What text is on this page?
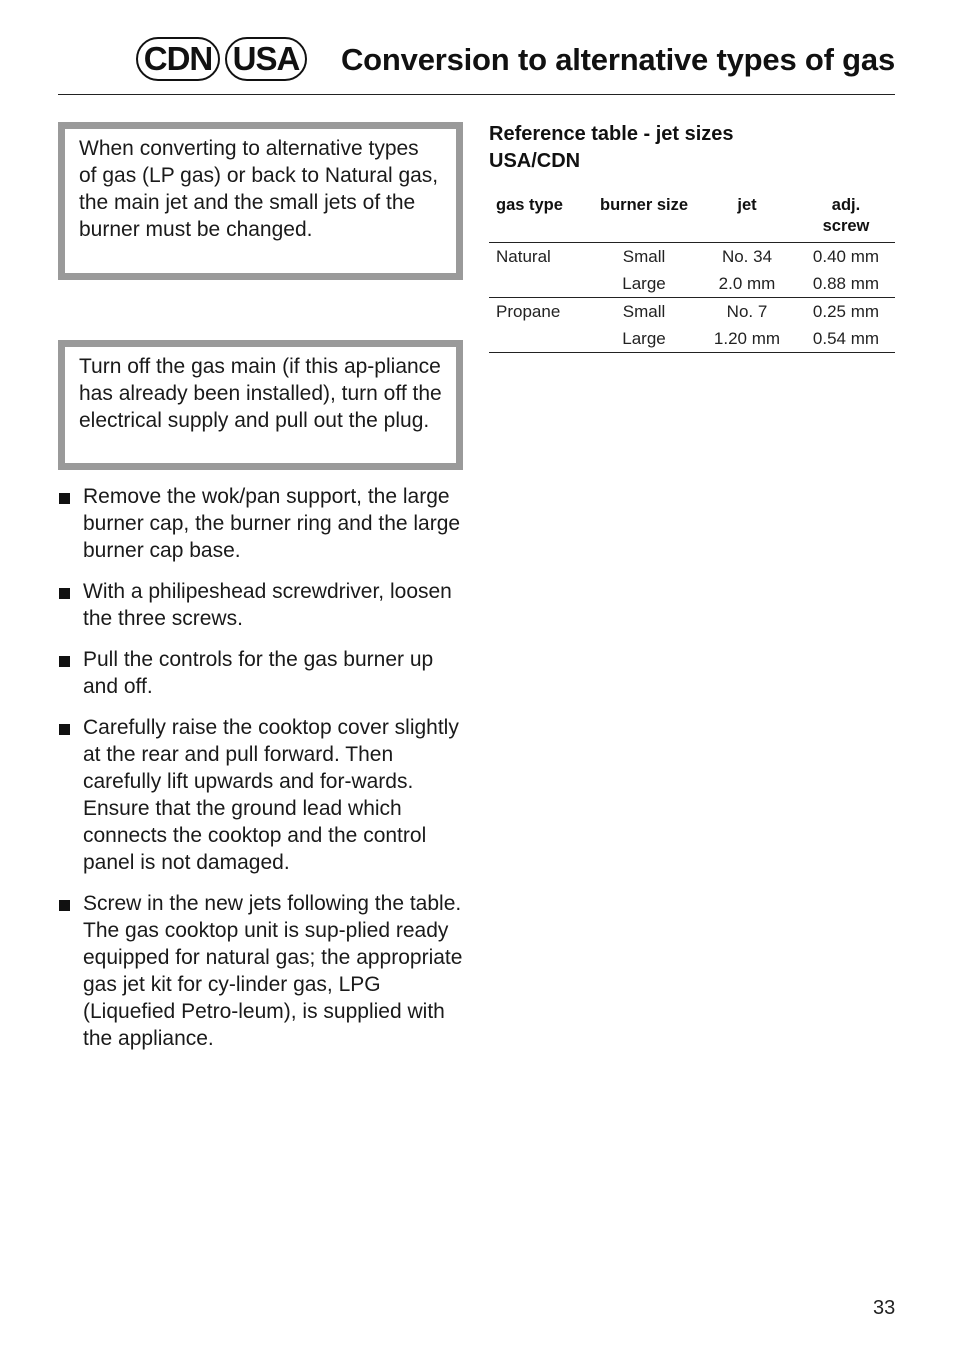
CDN USA Conversion to alternative types of gas
When converting to alternative types of gas (LP gas) or back to Natural gas, the main jet and the small jets of the burner must be changed.
Turn off the gas main (if this ap-pliance has already been installed), turn off the electrical supply and pull out the plug.
Remove the wok/pan support, the large burner cap, the burner ring and the large burner cap base.
With a philipeshead screwdriver, loosen the three screws.
Pull the controls for the gas burner up and off.
Carefully raise the cooktop cover slightly at the rear and pull forward. Then carefully lift upwards and for-wards. Ensure that the ground lead which connects the cooktop and the control panel is not damaged.
Screw in the new jets following the table. The gas cooktop unit is sup-plied ready equipped for natural gas; the appropriate gas jet kit for cy-linder gas, LPG (Liquefied Petro-leum), is supplied with the appliance.
Reference table - jet sizes
USA/CDN
gas type	burner size	jet	adj.
screw
Natural	Small	No. 34	0.40 mm
	Large	2.0 mm	0.88 mm
Propane	Small	No. 7	0.25 mm
	Large	1.20 mm	0.54 mm
33
